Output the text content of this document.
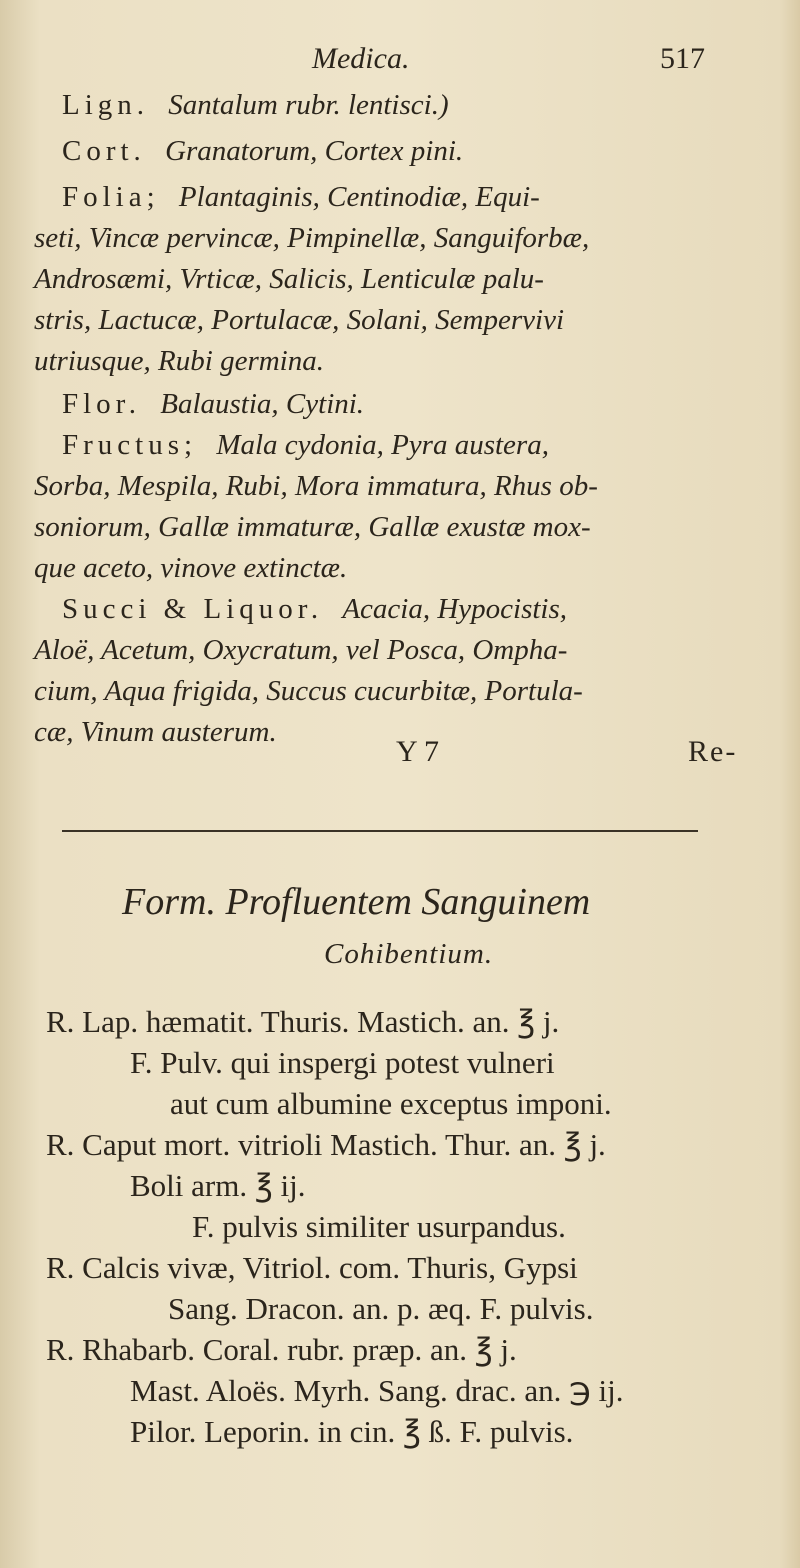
Medica.	517
Lign. Santalum rubr. lentisci.)
Cort. Granatorum, Cortex pini.
Folia; Plantaginis, Centinodiæ, Equi-
seti, Vincæ pervincæ, Pimpinellæ, Sanguiforbæ,
Androsæmi, Vrticæ, Salicis, Lenticulæ palu-
stris, Lactucæ, Portulacæ, Solani, Sempervivi
utriusque, Rubi germina.
Flor. Balaustia, Cytini.
Fructus; Mala cydonia, Pyra austera,
Sorba, Mespila, Rubi, Mora immatura, Rhus ob-
soniorum, Gallæ immaturæ, Gallæ exustæ mox-
que aceto, vinove extinctæ.
Succi & Liquor. Acacia, Hypocistis,
Aloë, Acetum, Oxycratum, vel Posca, Ompha-
cium, Aqua frigida, Succus cucurbitæ, Portula-
cæ, Vinum austerum.
Y 7	Re-
Form. Profluentem Sanguinem
Cohibentium.
R. Lap. hæmatit. Thuris. Mastich. an. ℥ j.
F. Pulv. qui inspergi potest vulneri
aut cum albumine exceptus imponi.
R. Caput mort. vitrioli Mastich. Thur. an. ℥ j.
Boli arm. ℥ ij.
F. pulvis similiter usurpandus.
R. Calcis vivæ, Vitriol. com. Thuris, Gypsi
Sang. Dracon. an. p. æq. F. pulvis.
R. Rhabarb. Coral. rubr. præp. an. ℥ j.
Mast. Aloës. Myrh. Sang. drac. an. ℈ ij.
Pilor. Leporin. in cin. ℥ ß. F. pulvis.
